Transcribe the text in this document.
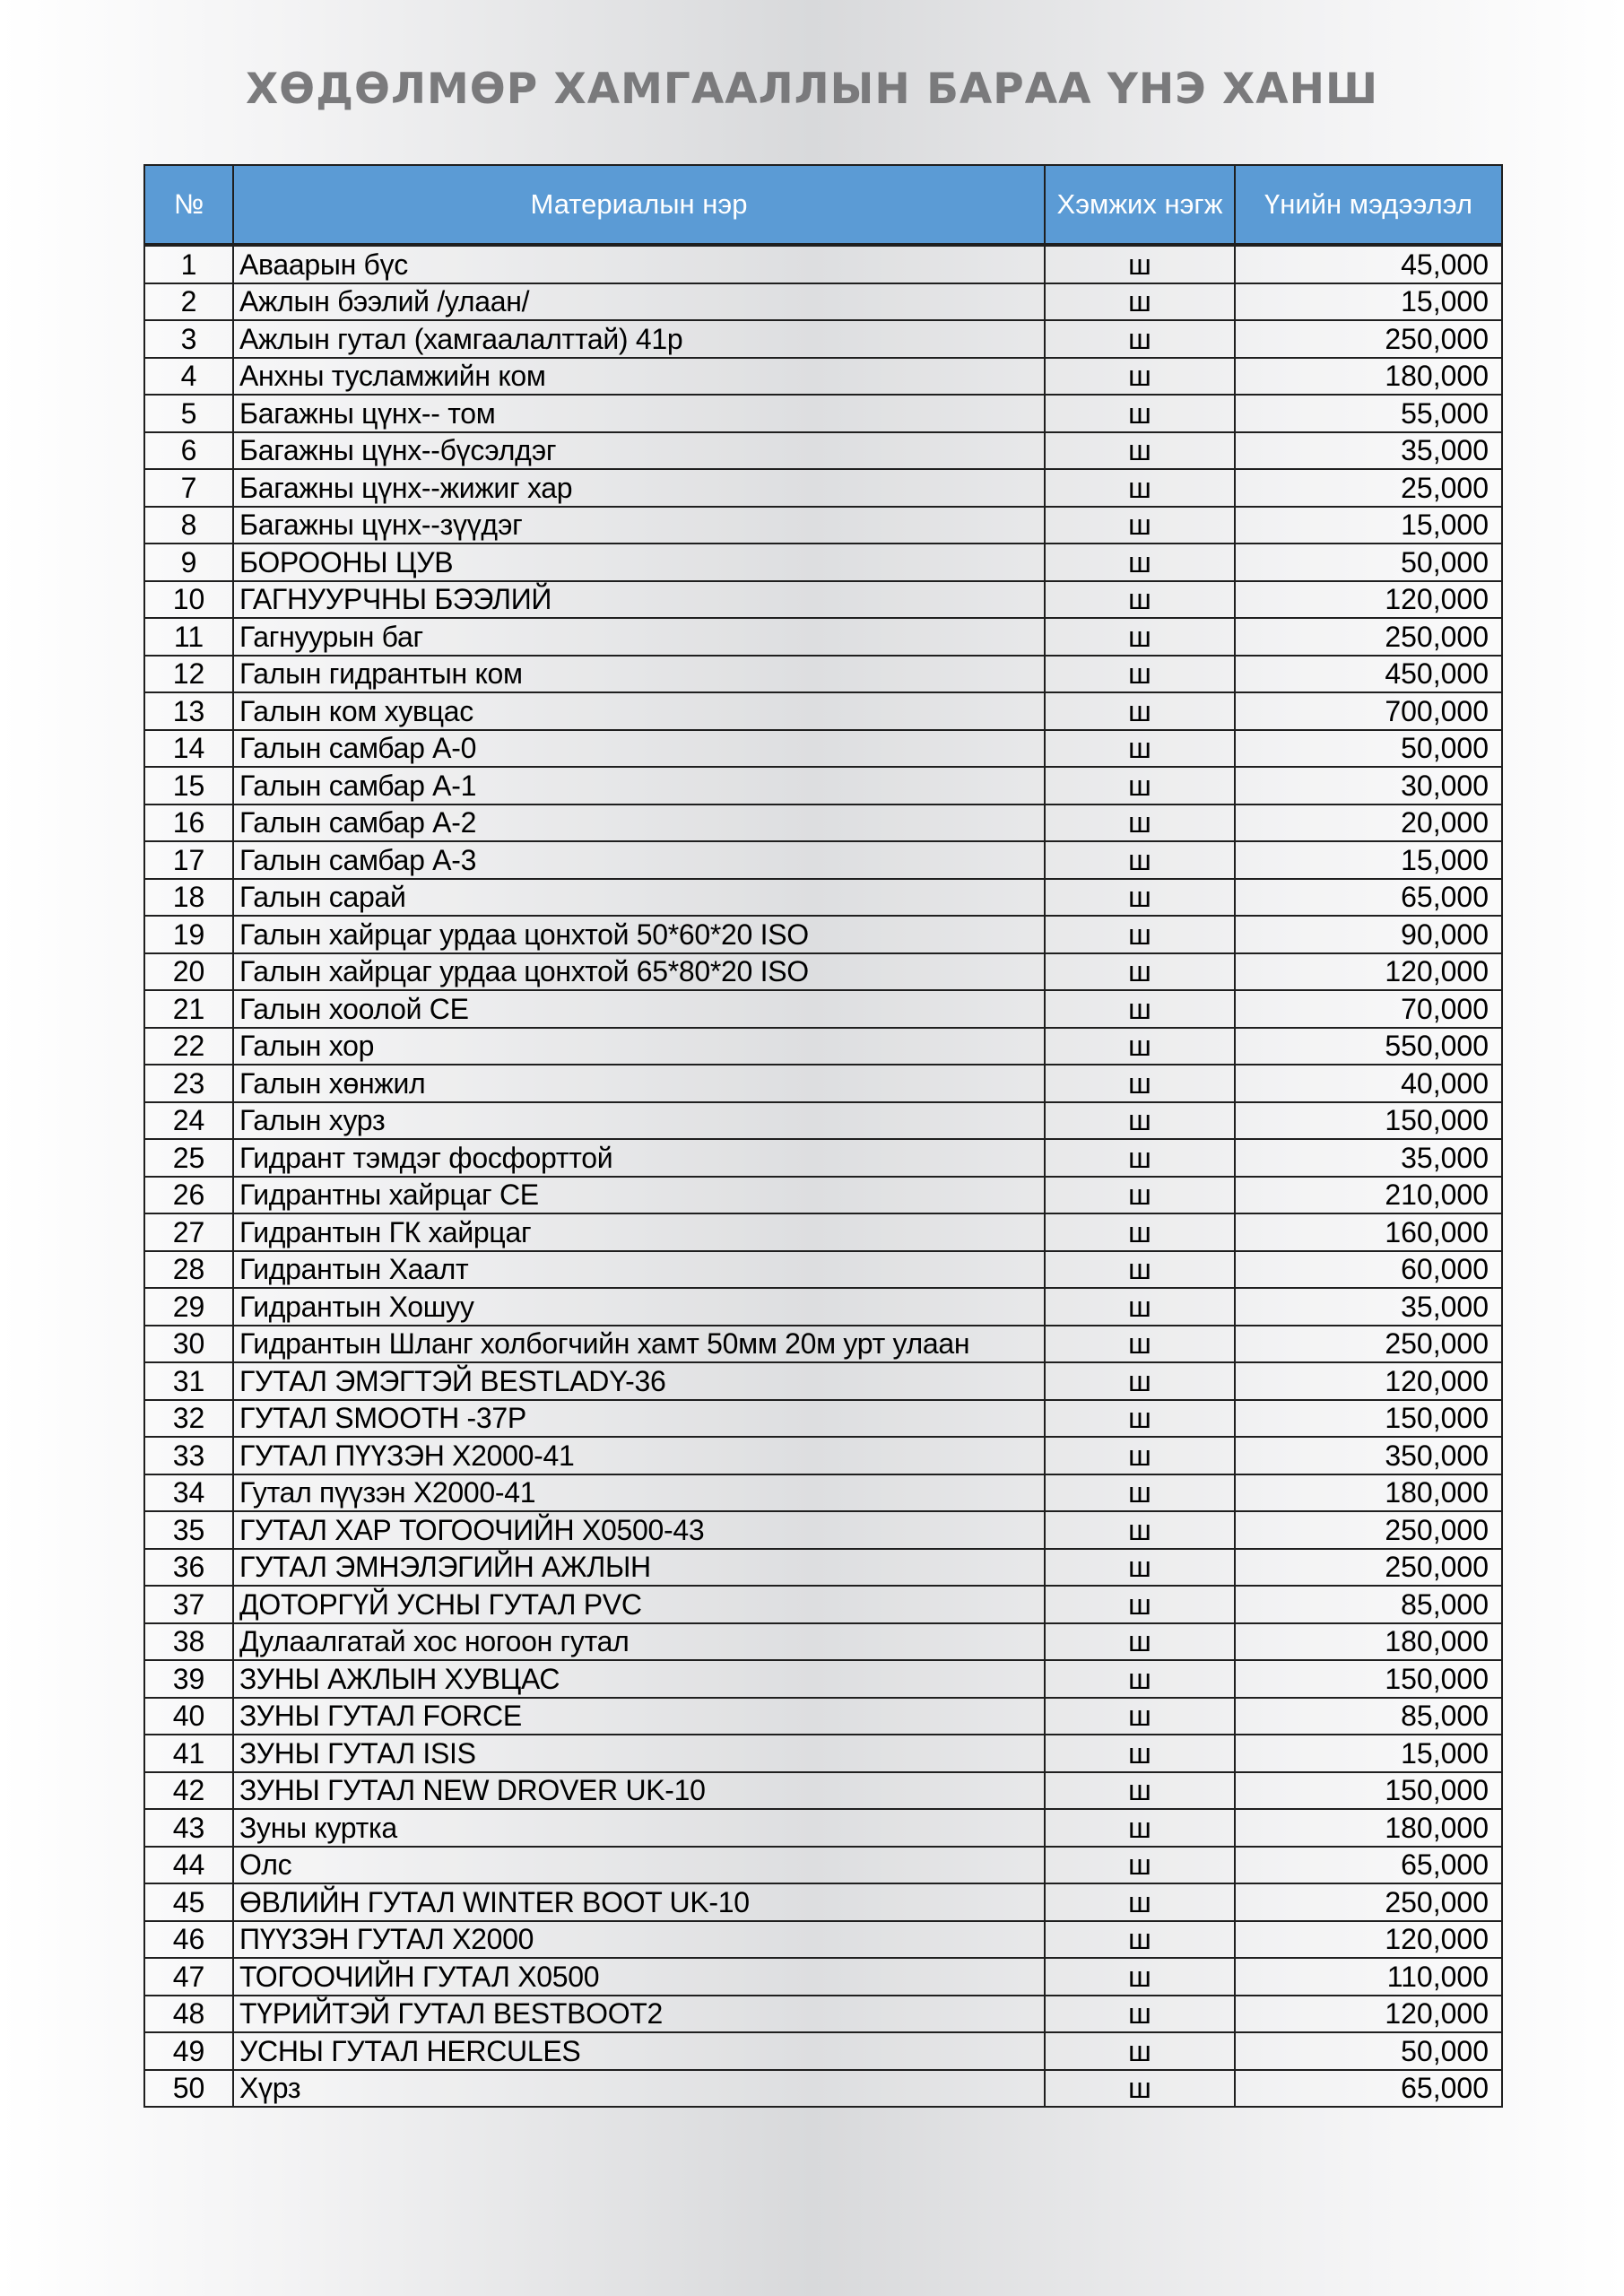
ХӨДӨЛМӨР ХАМГААЛЛЫН БАРАА ҮНЭ ХАНШ
№	Материалын нэр	Хэмжих нэгж	Үнийн мэдээлэл
1	Аваарын бүс	ш	45,000
2	Ажлын бээлий /улаан/	ш	15,000
3	Ажлын гутал (хамгаалалттай) 41р	ш	250,000
4	Анхны тусламжийн ком	ш	180,000
5	Багажны цүнх-- том	ш	55,000
6	Багажны цүнх--бүсэлдэг	ш	35,000
7	Багажны цүнх--жижиг хар	ш	25,000
8	Багажны цүнх--зүүдэг	ш	15,000
9	БОРООНЫ ЦУВ	ш	50,000
10	ГАГНУУРЧНЫ БЭЭЛИЙ	ш	120,000
11	Гагнуурын баг	ш	250,000
12	Галын гидрантын ком	ш	450,000
13	Галын ком хувцас	ш	700,000
14	Галын самбар А-0	ш	50,000
15	Галын самбар А-1	ш	30,000
16	Галын самбар А-2	ш	20,000
17	Галын самбар А-3	ш	15,000
18	Галын сарай	ш	65,000
19	Галын хайрцаг урдаа цонхтой 50*60*20 ISO	ш	90,000
20	Галын хайрцаг урдаа цонхтой 65*80*20 ISO	ш	120,000
21	Галын хоолой CE	ш	70,000
22	Галын хор	ш	550,000
23	Галын хөнжил	ш	40,000
24	Галын хурз	ш	150,000
25	Гидрант тэмдэг фосфорттой	ш	35,000
26	Гидрантны хайрцаг CE	ш	210,000
27	Гидрантын ГК хайрцаг	ш	160,000
28	Гидрантын Хаалт	ш	60,000
29	Гидрантын Хошуу	ш	35,000
30	Гидрантын Шланг холбогчийн хамт 50мм 20м урт улаан	ш	250,000
31	ГУТАЛ ЭМЭГТЭЙ BESTLADY-36	ш	120,000
32	ГУТАЛ SMOOTH -37P	ш	150,000
33	ГУТАЛ ПҮҮЗЭН X2000-41	ш	350,000
34	Гутал пүүзэн X2000-41	ш	180,000
35	ГУТАЛ ХАР ТОГООЧИЙН X0500-43	ш	250,000
36	ГУТАЛ ЭМНЭЛЭГИЙН АЖЛЫН	ш	250,000
37	ДОТОРГҮЙ УСНЫ ГУТАЛ PVC	ш	85,000
38	Дулаалгатай хос ногоон гутал	ш	180,000
39	ЗУНЫ АЖЛЫН ХУВЦАС	ш	150,000
40	ЗУНЫ ГУТАЛ FORCE	ш	85,000
41	ЗУНЫ ГУТАЛ ISIS	ш	15,000
42	ЗУНЫ ГУТАЛ NEW DROVER UK-10	ш	150,000
43	Зуны куртка	ш	180,000
44	Олс	ш	65,000
45	ӨВЛИЙН ГУТАЛ WINTER BOOT UK-10	ш	250,000
46	ПҮҮЗЭН ГУТАЛ X2000	ш	120,000
47	ТОГООЧИЙН ГУТАЛ X0500	ш	110,000
48	ТҮРИЙТЭЙ ГУТАЛ BESTBOOT2	ш	120,000
49	УСНЫ ГУТАЛ HERCULES	ш	50,000
50	Хүрз	ш	65,000
